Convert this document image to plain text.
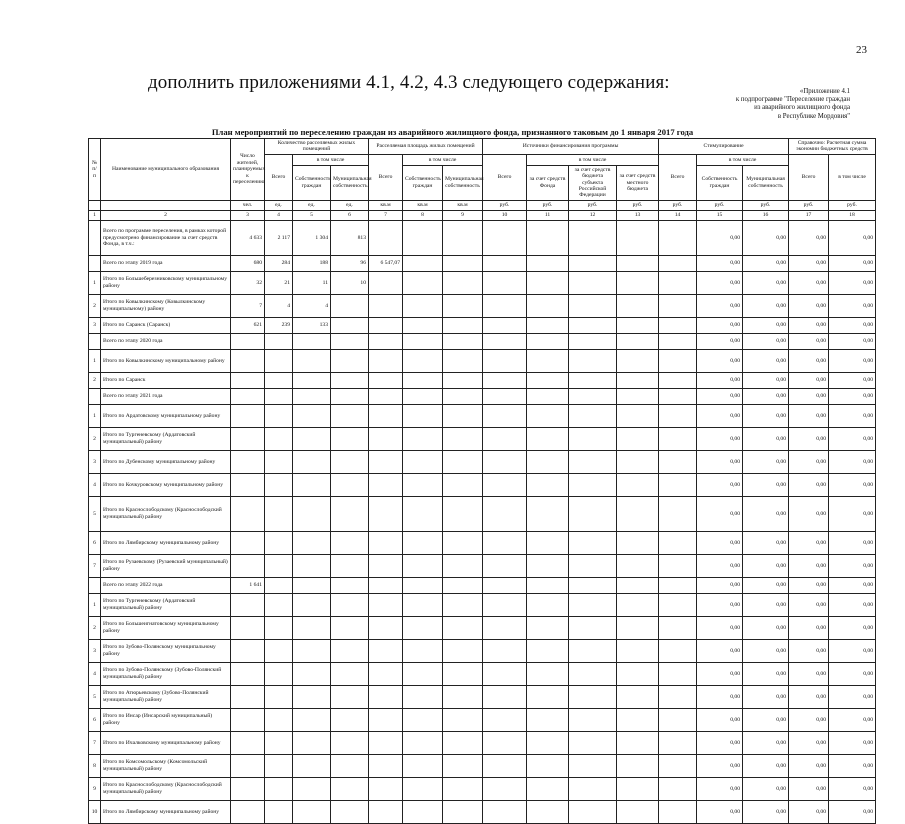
23
дополнить приложениями 4.1, 4.2, 4.3 следующего содержания:	«Приложение 4.1
к подпрограмме "Переселение граждан
из аварийного жилищного фонда
в Республике Мордовия"
План мероприятий по переселению граждан из аварийного жилищного фонда, признанного таковым до 1 января 2017 года
№ п/п	Наименование муниципального образования	Число жителей, планируемых к переселению	Количество расселяемых жилых помещений			Расселяемая площадь жилых помещений			Источники финансирования программы				Стимулирование			Справочно: Расчетная сумма экономии бюджетных средств		
			Всего	в том числе		Всего	в том числе		Всего	в том числе			Всего	в том числе		Всего	в том числе	
				Собственность граждан	Муниципальная собственность		Собственность граждан	Муниципальная собственность		за счет средств Фонда	за счет средств бюджета субъекта Российской Федерации	за счет средств местного бюджета		Собственность граждан	Муниципальная собственность			
		чел.	ед.	ед.	ед.	кв.м	кв.м	кв.м	руб.	руб.	руб.	руб.	руб.	руб.	руб.	руб.	руб.	
1	2	3	4	5	6	7	8	9	10	11	12	13	14	15	16	17	18	
	Всего по программе переселения, в рамках которой предусмотрено финансирование за счет средств Фонда, в т.ч.:	4 633	2 117	1 304	813									0,00	0,00	0,00	0,00	
	Всего по этапу 2019 года	680	284	188	96	6 547,07								0,00	0,00	0,00	0,00	
1	Итого по Большеберезниковскому муниципальному району	32	21	11	10									0,00	0,00	0,00	0,00	
2	Итого по Ковылкинскому (Ковылкинскому муниципальному) району	7	4	4										0,00	0,00	0,00	0,00	
3	Итого по Саранск (Саранск)	621	239	133										0,00	0,00	0,00	0,00	
	Всего по этапу 2020 года													0,00	0,00	0,00	0,00	
1	Итого по Ковылкинскому муниципальному району													0,00	0,00	0,00	0,00	
2	Итого по Саранск													0,00	0,00	0,00	0,00	
	Всего по этапу 2021 года													0,00	0,00	0,00	0,00	
1	Итого по Ардатовскому муниципальному району													0,00	0,00	0,00	0,00	
2	Итого по Тургеневскому (Ардатовский муниципальный) району													0,00	0,00	0,00	0,00	
3	Итого по Дубенскому муниципальному району													0,00	0,00	0,00	0,00	
4	Итого по Кочкуровскому муниципальному району													0,00	0,00	0,00	0,00	
5	Итого по Краснослободскому (Краснослободский муниципальный) району													0,00	0,00	0,00	0,00	
6	Итого по Лямбирскому муниципальному району													0,00	0,00	0,00	0,00	
7	Итого по Рузаевскому (Рузаевский муниципальный) району													0,00	0,00	0,00	0,00	
	Всего по этапу 2022 года	1 641												0,00	0,00	0,00	0,00	
1	Итого по Тургеневскому (Ардатовский муниципальный) району													0,00	0,00	0,00	0,00	
2	Итого по Большеигнатовскому муниципальному району													0,00	0,00	0,00	0,00	
3	Итого по Зубово-Полянскому муниципальному району													0,00	0,00	0,00	0,00	
4	Итого по Зубово-Полянскому (Зубово-Полянский муниципальный) району													0,00	0,00	0,00	0,00	
5	Итого по Атюрьевскому (Зубово-Полянский муниципальный) району													0,00	0,00	0,00	0,00	
6	Итого по Инсар (Инсарский муниципальный) району													0,00	0,00	0,00	0,00	
7	Итого по Ичалковскому муниципальному району													0,00	0,00	0,00	0,00	
8	Итого по Комсомольскому (Комсомольский муниципальный) району													0,00	0,00	0,00	0,00	
9	Итого по Краснослободскому (Краснослободский муниципальный) району													0,00	0,00	0,00	0,00	
10	Итого по Лямбирскому муниципальному району													0,00	0,00	0,00	0,00	
